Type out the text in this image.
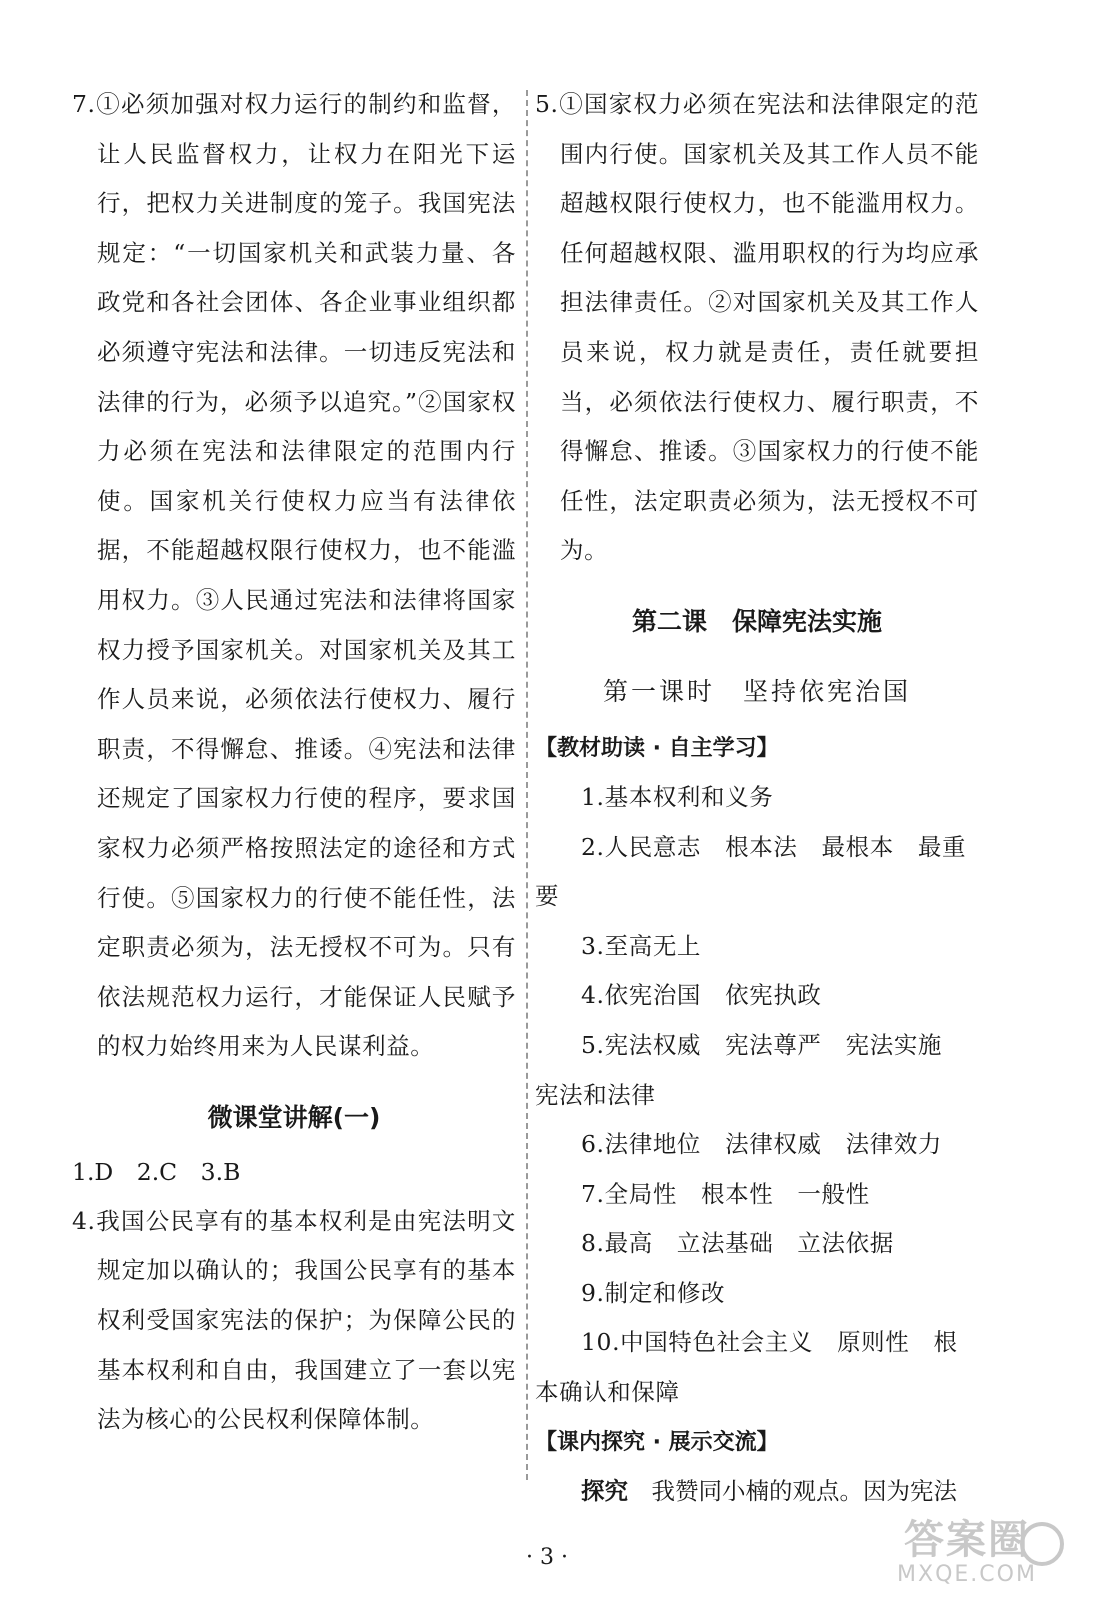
7.①必须加强对权力运行的制约和监督，让人民监督权力，让权力在阳光下运行，把权力关进制度的笼子。我国宪法规定：“一切国家机关和武装力量、各政党和各社会团体、各企业事业组织都必须遵守宪法和法律。一切违反宪法和法律的行为，必须予以追究。”②国家权力必须在宪法和法律限定的范围内行使。国家机关行使权力应当有法律依据，不能超越权限行使权力，也不能滥用权力。③人民通过宪法和法律将国家权力授予国家机关。对国家机关及其工作人员来说，必须依法行使权力、履行职责，不得懈怠、推诿。④宪法和法律还规定了国家权力行使的程序，要求国家权力必须严格按照法定的途径和方式行使。⑤国家权力的行使不能任性，法定职责必须为，法无授权不可为。只有依法规范权力运行，才能保证人民赋予的权力始终用来为人民谋利益。

微课堂讲解(一)

1.D　2.C　3.B

4.我国公民享有的基本权利是由宪法明文规定加以确认的；我国公民享有的基本权利受国家宪法的保护；为保障公民的基本权利和自由，我国建立了一套以宪法为核心的公民权利保障体制。

5.①国家权力必须在宪法和法律限定的范围内行使。国家机关及其工作人员不能超越权限行使权力，也不能滥用权力。任何超越权限、滥用职权的行为均应承担法律责任。②对国家机关及其工作人员来说，权力就是责任，责任就要担当，必须依法行使权力、履行职责，不得懈怠、推诿。③国家权力的行使不能任性，法定职责必须为，法无授权不可为。

第二课　保障宪法实施

第一课时　坚持依宪治国

【教材助读 · 自主学习】

1.基本权利和义务

2.人民意志　根本法　最根本　最重要

3.至高无上

4.依宪治国　依宪执政

5.宪法权威　宪法尊严　宪法实施　宪法和法律

6.法律地位　法律权威　法律效力

7.全局性　根本性　一般性

8.最高　立法基础　立法依据

9.制定和修改

10.中国特色社会主义　原则性　根本确认和保障

【课内探究 · 展示交流】

探究　 我赞同小楠的观点。因为宪法

· 3 ·	答案圈
MXQE.COM
